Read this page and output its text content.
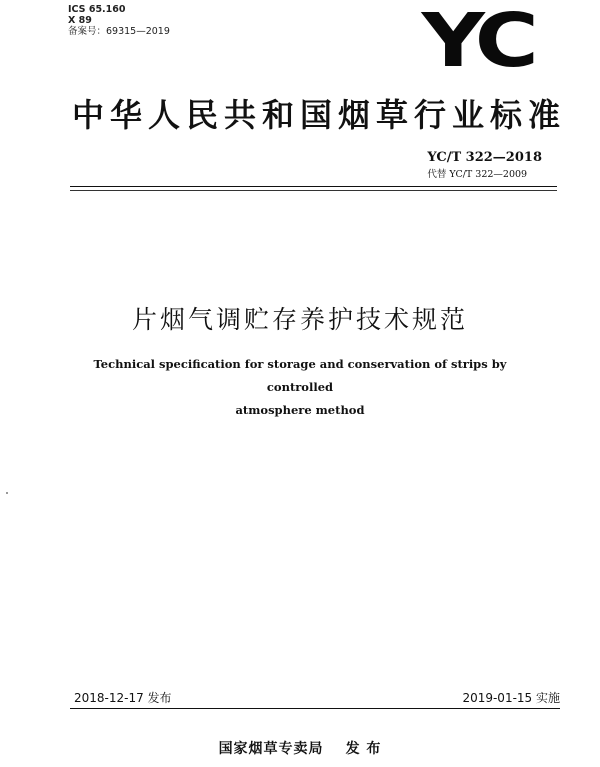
ICS 65.160
X 89
备案号：69315—2019	YC
中华人民共和国烟草行业标准
YC/T 322—2018
代替 YC/T 322—2009
片烟气调贮存养护技术规范
Technical specification for storage and conservation of strips by controlled
atmosphere method
2018-12-17 发布	2019-01-15 实施
国家烟草专卖局 发 布
